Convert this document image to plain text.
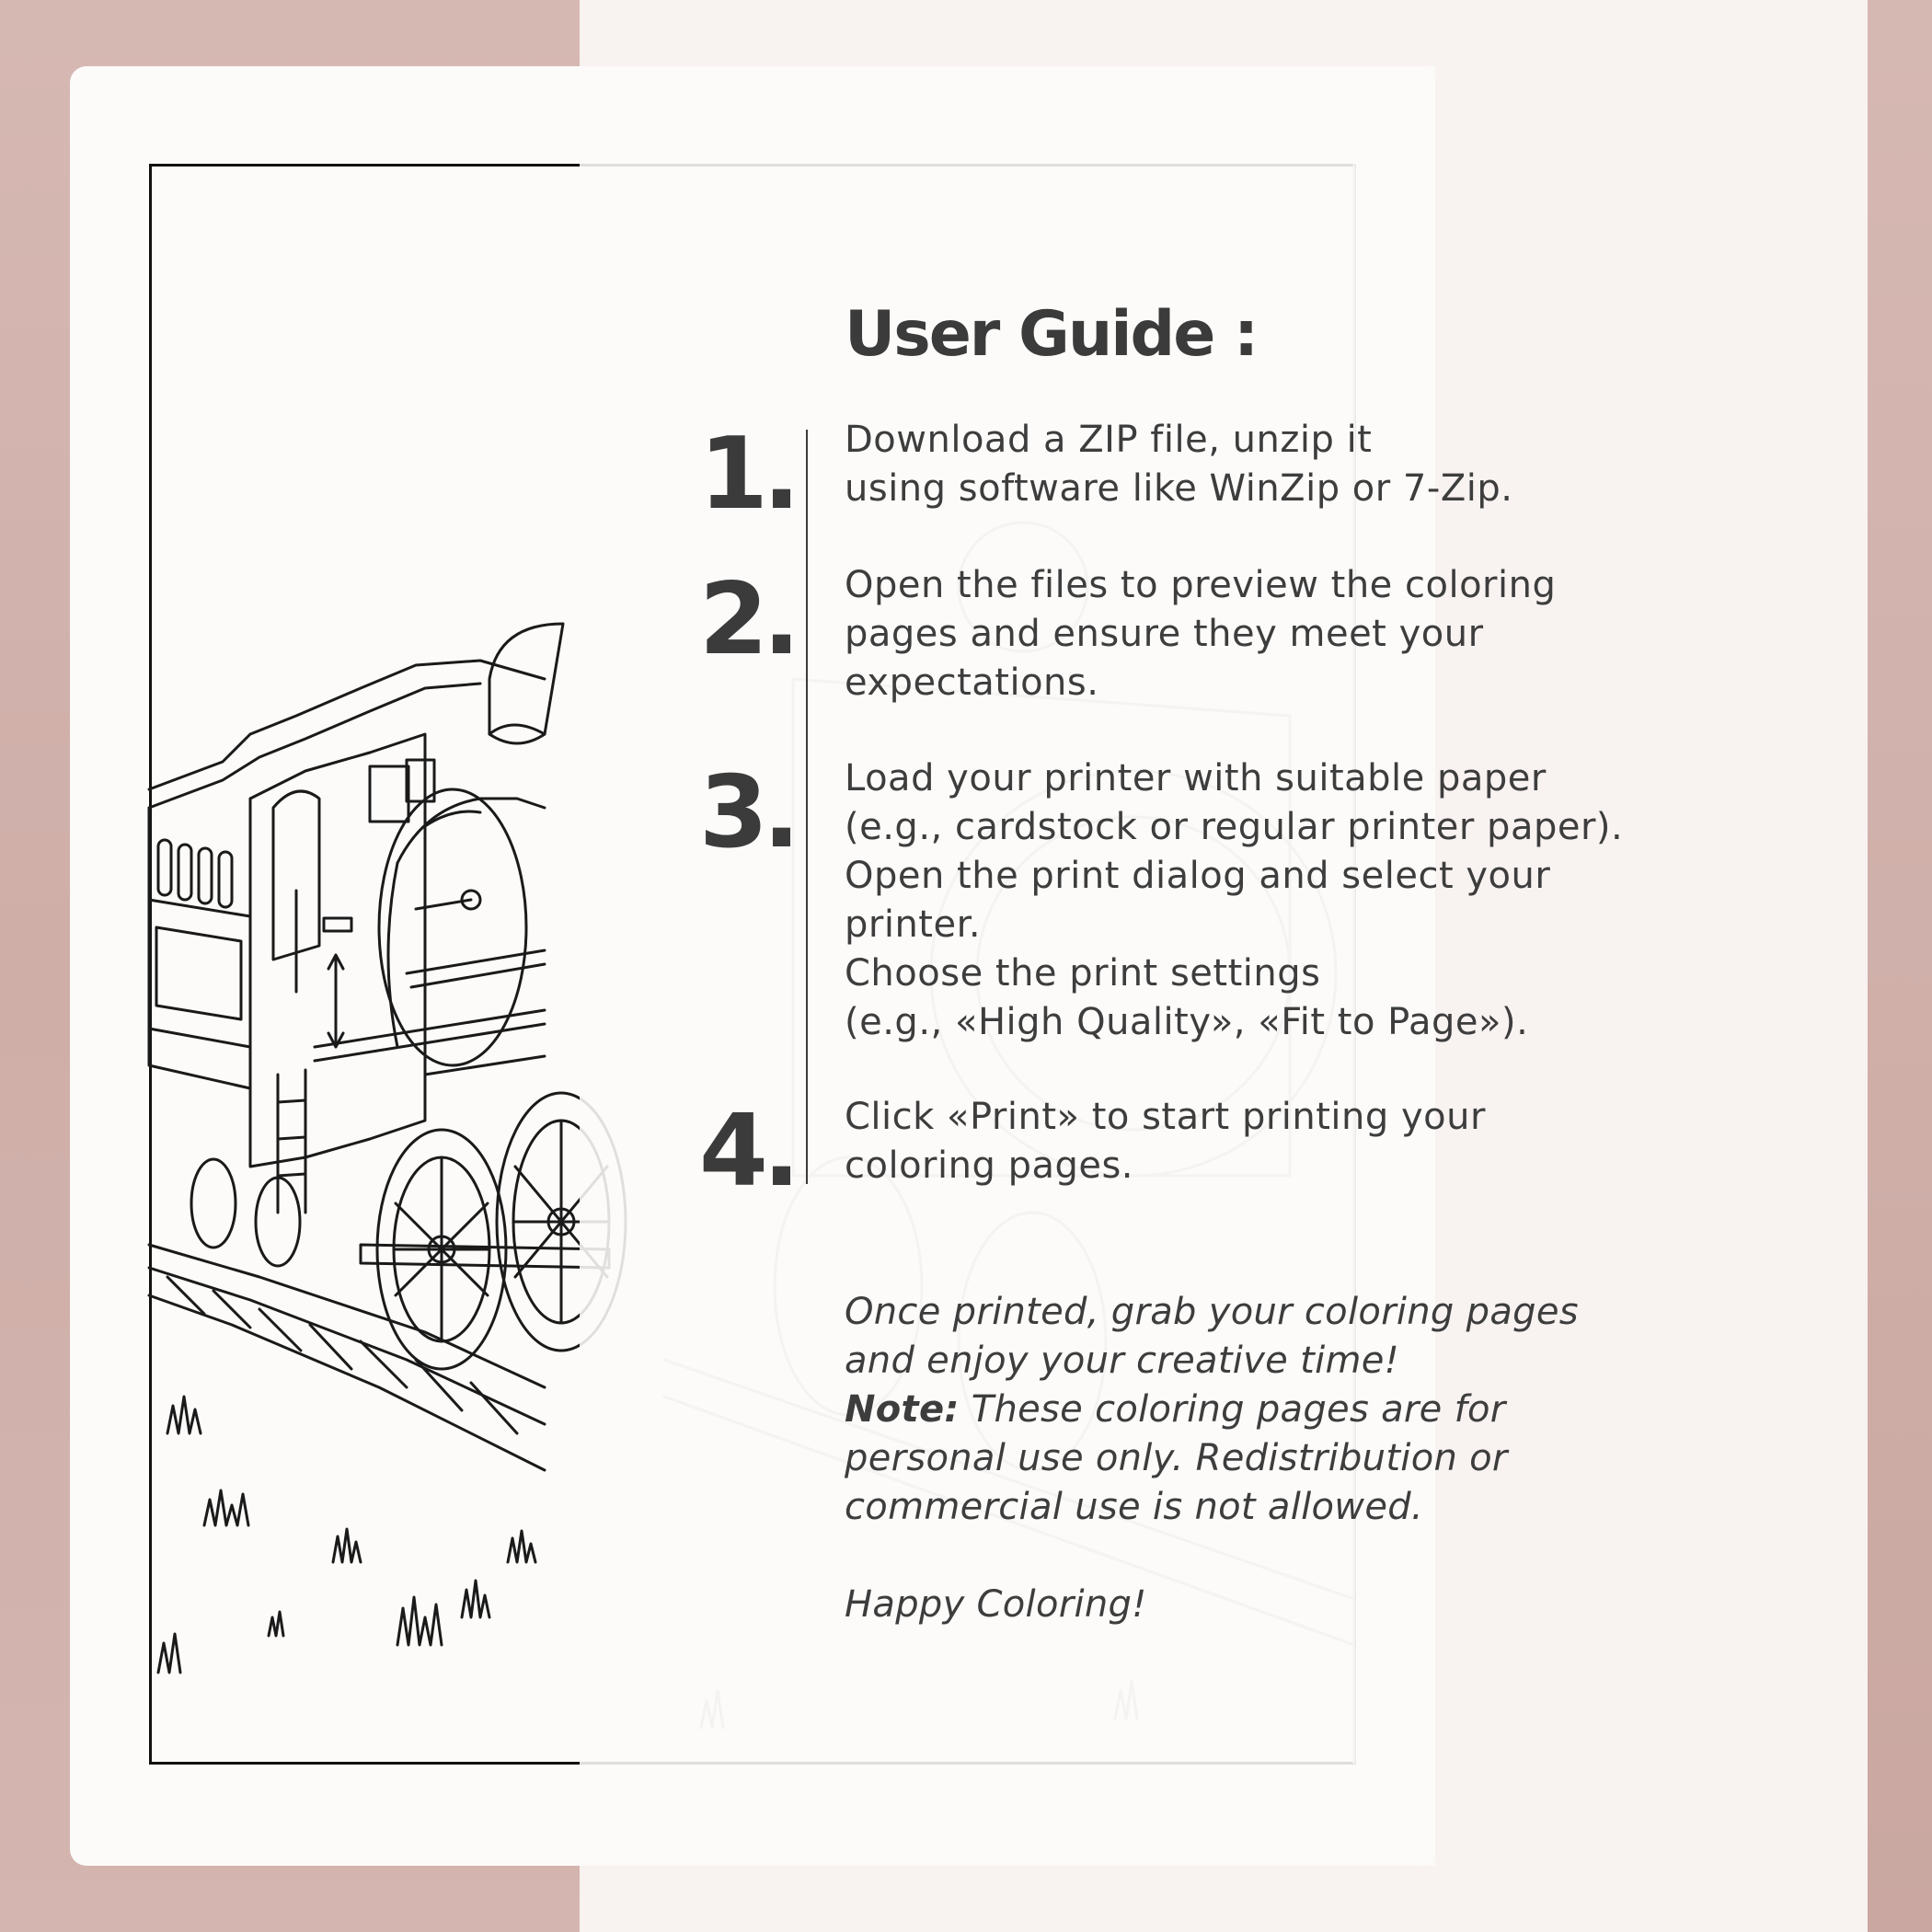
User Guide :
1.
2.
3.
4.
Download a ZIP file, unzip it
using software like WinZip or 7-Zip.
Open the files to preview the coloring
pages and ensure they meet your
expectations.
Load your printer with suitable paper
(e.g., cardstock or regular printer paper).
Open the print dialog and select your
printer.
Choose the print settings
(e.g., «High Quality», «Fit to Page»).
Click «Print» to start printing your
coloring pages.
Once printed, grab your coloring pages
and enjoy your creative time!
Note: These coloring pages are for
personal use only. Redistribution or
commercial use is not allowed.

Happy Coloring!
